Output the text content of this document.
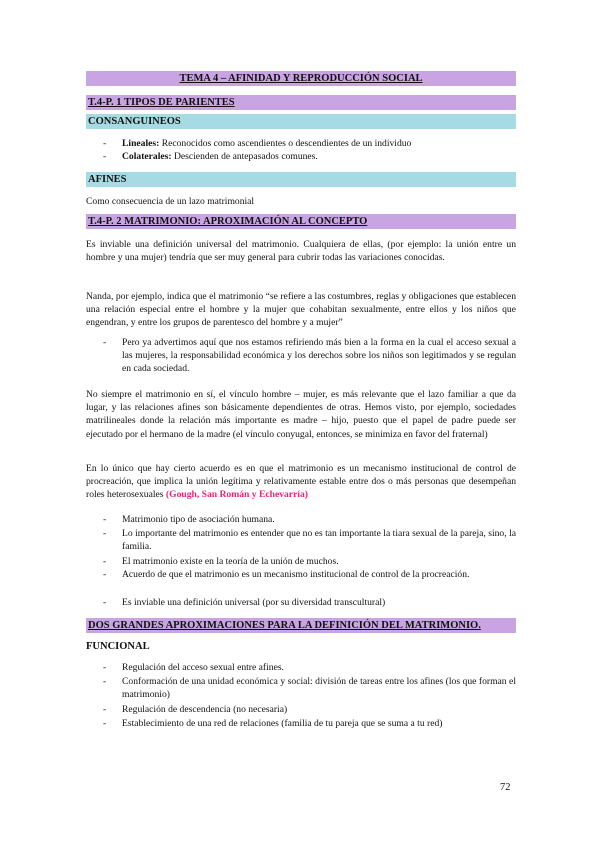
TEMA 4 – AFINIDAD Y REPRODUCCIÓN SOCIAL
T.4-P. 1 TIPOS DE PARIENTES
CONSANGUINEOS
- Lineales: Reconocidos como ascendientes o descendientes de un individuo
- Colaterales: Descienden de antepasados comunes.
AFINES
Como consecuencia de un lazo matrimonial
T.4-P. 2 MATRIMONIO: APROXIMACIÓN AL CONCEPTO
Es inviable una definición universal del matrimonio. Cualquiera de ellas, (por ejemplo: la unión entre un hombre y una mujer) tendría que ser muy general para cubrir todas las variaciones conocidas.
Nanda, por ejemplo, indica que el matrimonio “se refiere a las costumbres, reglas y obligaciones que establecen una relación especial entre el hombre y la mujer que cohabitan sexualmente, entre ellos y los niños que engendran, y entre los grupos de parentesco del hombre y a mujer”
- Pero ya advertimos aquí que nos estamos refiriendo más bien a la forma en la cual el acceso sexual a las mujeres, la responsabilidad económica y los derechos sobre los niños son legitimados y se regulan en cada sociedad.
No siempre el matrimonio en sí, el vínculo hombre – mujer, es más relevante que el lazo familiar a que da lugar, y las relaciones afines son básicamente dependientes de otras. Hemos visto, por ejemplo, sociedades matrilineales donde la relación más importante es madre – hijo, puesto que el papel de padre puede ser ejecutado por el hermano de la madre (el vínculo conyugal, entonces, se minimiza en favor del fraternal)
En lo único que hay cierto acuerdo es en que el matrimonio es un mecanismo institucional de control de procreación, que implica la unión legítima y relativamente estable entre dos o más personas que desempeñan roles heterosexuales (Gough, San Román y Echevarría)
- Matrimonio tipo de asociación humana.
- Lo importante del matrimonio es entender que no es tan importante la tiara sexual de la pareja, sino, la familia.
- El matrimonio existe en la teoría de la unión de muchos.
- Acuerdo de que el matrimonio es un mecanismo institucional de control de la procreación.
- Es inviable una definición universal (por su diversidad transcultural)
DOS GRANDES APROXIMACIONES PARA LA DEFINICIÓN DEL MATRIMONIO.
FUNCIONAL
- Regulación del acceso sexual entre afines.
- Conformación de una unidad económica y social: división de tareas entre los afines (los que forman el matrimonio)
- Regulación de descendencia (no necesaria)
- Establecimiento de una red de relaciones (familia de tu pareja que se suma a tu red)
72
